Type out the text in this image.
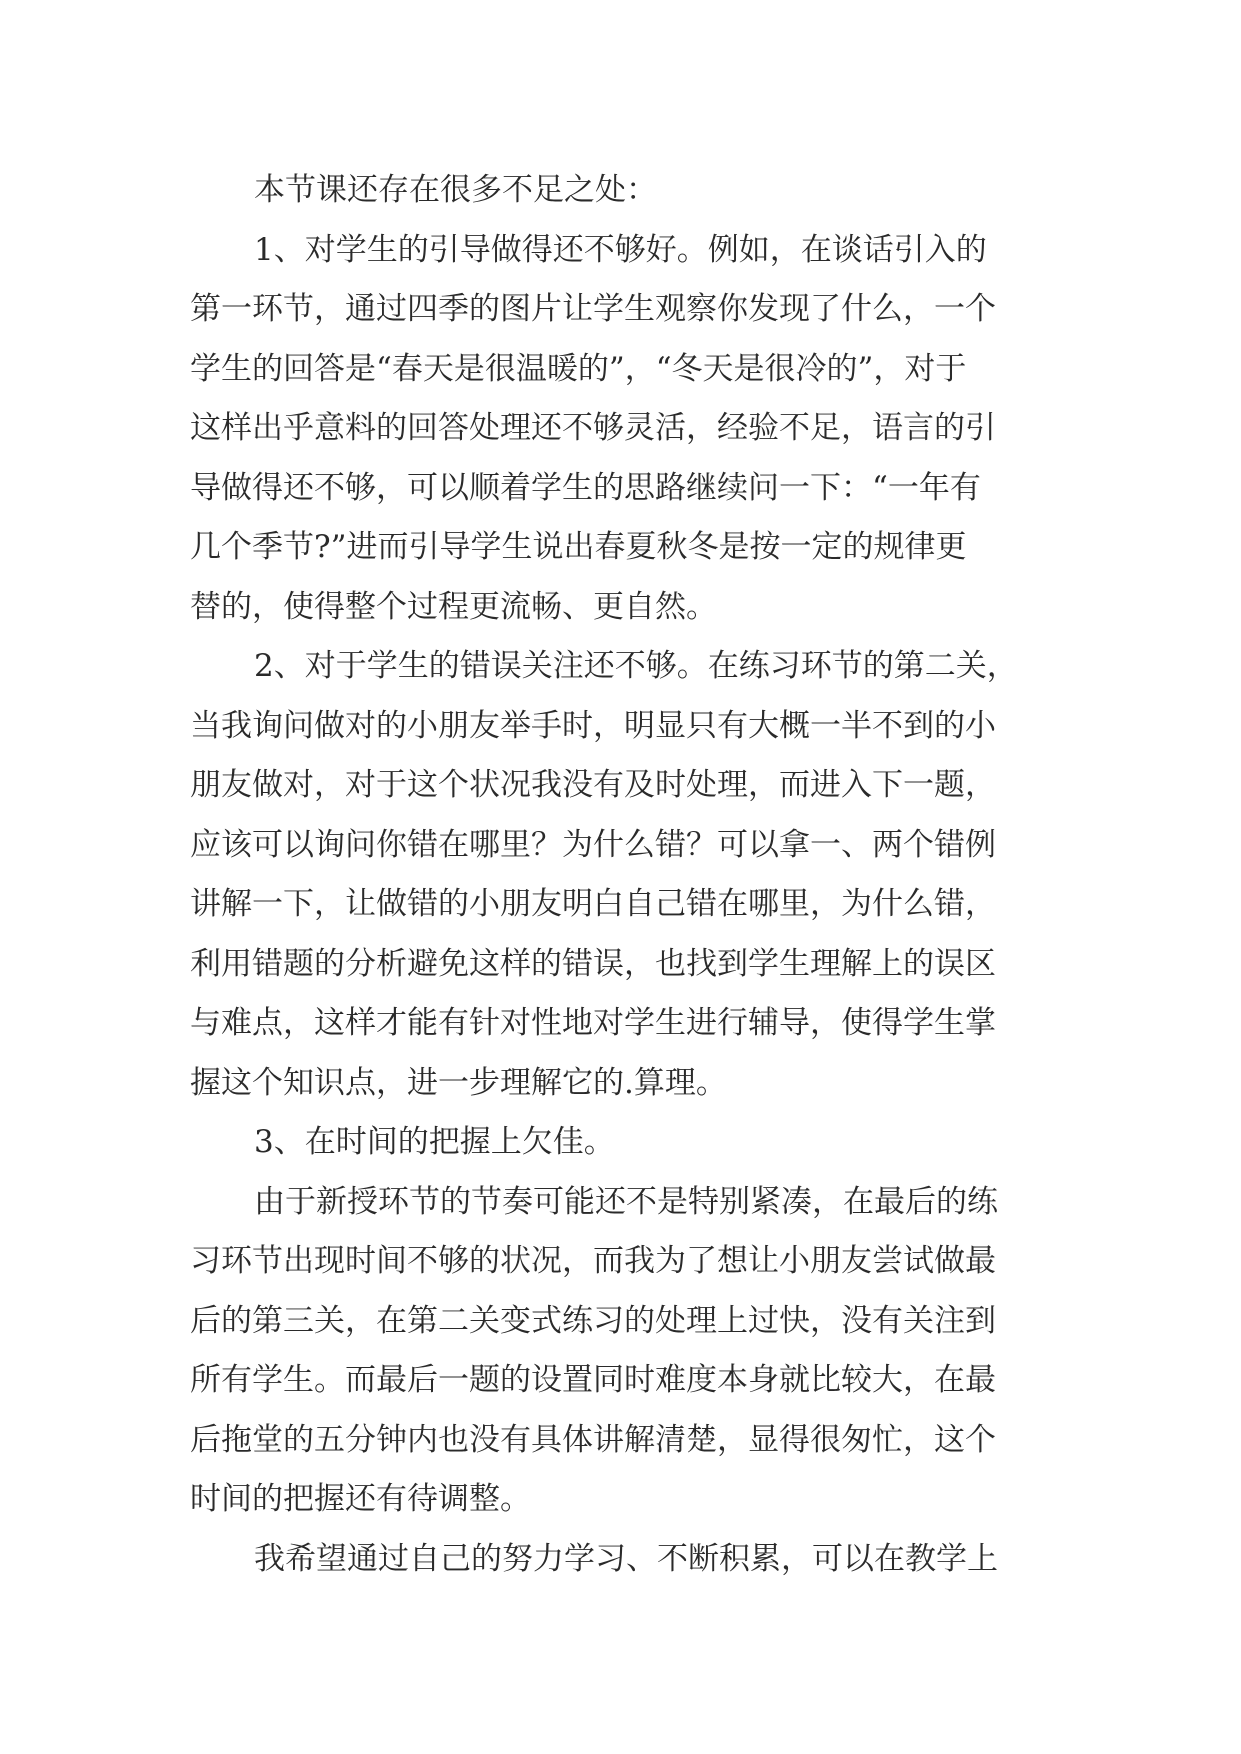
本节课还存在很多不足之处：
1、对学生的引导做得还不够好。例如，在谈话引入的
第一环节，通过四季的图片让学生观察你发现了什么，一个
学生的回答是“春天是很温暖的”，“冬天是很冷的”，对于
这样出乎意料的回答处理还不够灵活，经验不足，语言的引
导做得还不够，可以顺着学生的思路继续问一下：“一年有
几个季节?”进而引导学生说出春夏秋冬是按一定的规律更
替的，使得整个过程更流畅、更自然。
2、对于学生的错误关注还不够。在练习环节的第二关，
当我询问做对的小朋友举手时，明显只有大概一半不到的小
朋友做对，对于这个状况我没有及时处理，而进入下一题，
应该可以询问你错在哪里？为什么错？可以拿一、两个错例
讲解一下，让做错的小朋友明白自己错在哪里，为什么错，
利用错题的分析避免这样的错误，也找到学生理解上的误区
与难点，这样才能有针对性地对学生进行辅导，使得学生掌
握这个知识点，进一步理解它的.算理。
3、在时间的把握上欠佳。
由于新授环节的节奏可能还不是特别紧凑，在最后的练
习环节出现时间不够的状况，而我为了想让小朋友尝试做最
后的第三关，在第二关变式练习的处理上过快，没有关注到
所有学生。而最后一题的设置同时难度本身就比较大，在最
后拖堂的五分钟内也没有具体讲解清楚，显得很匆忙，这个
时间的把握还有待调整。
我希望通过自己的努力学习、不断积累，可以在教学上
